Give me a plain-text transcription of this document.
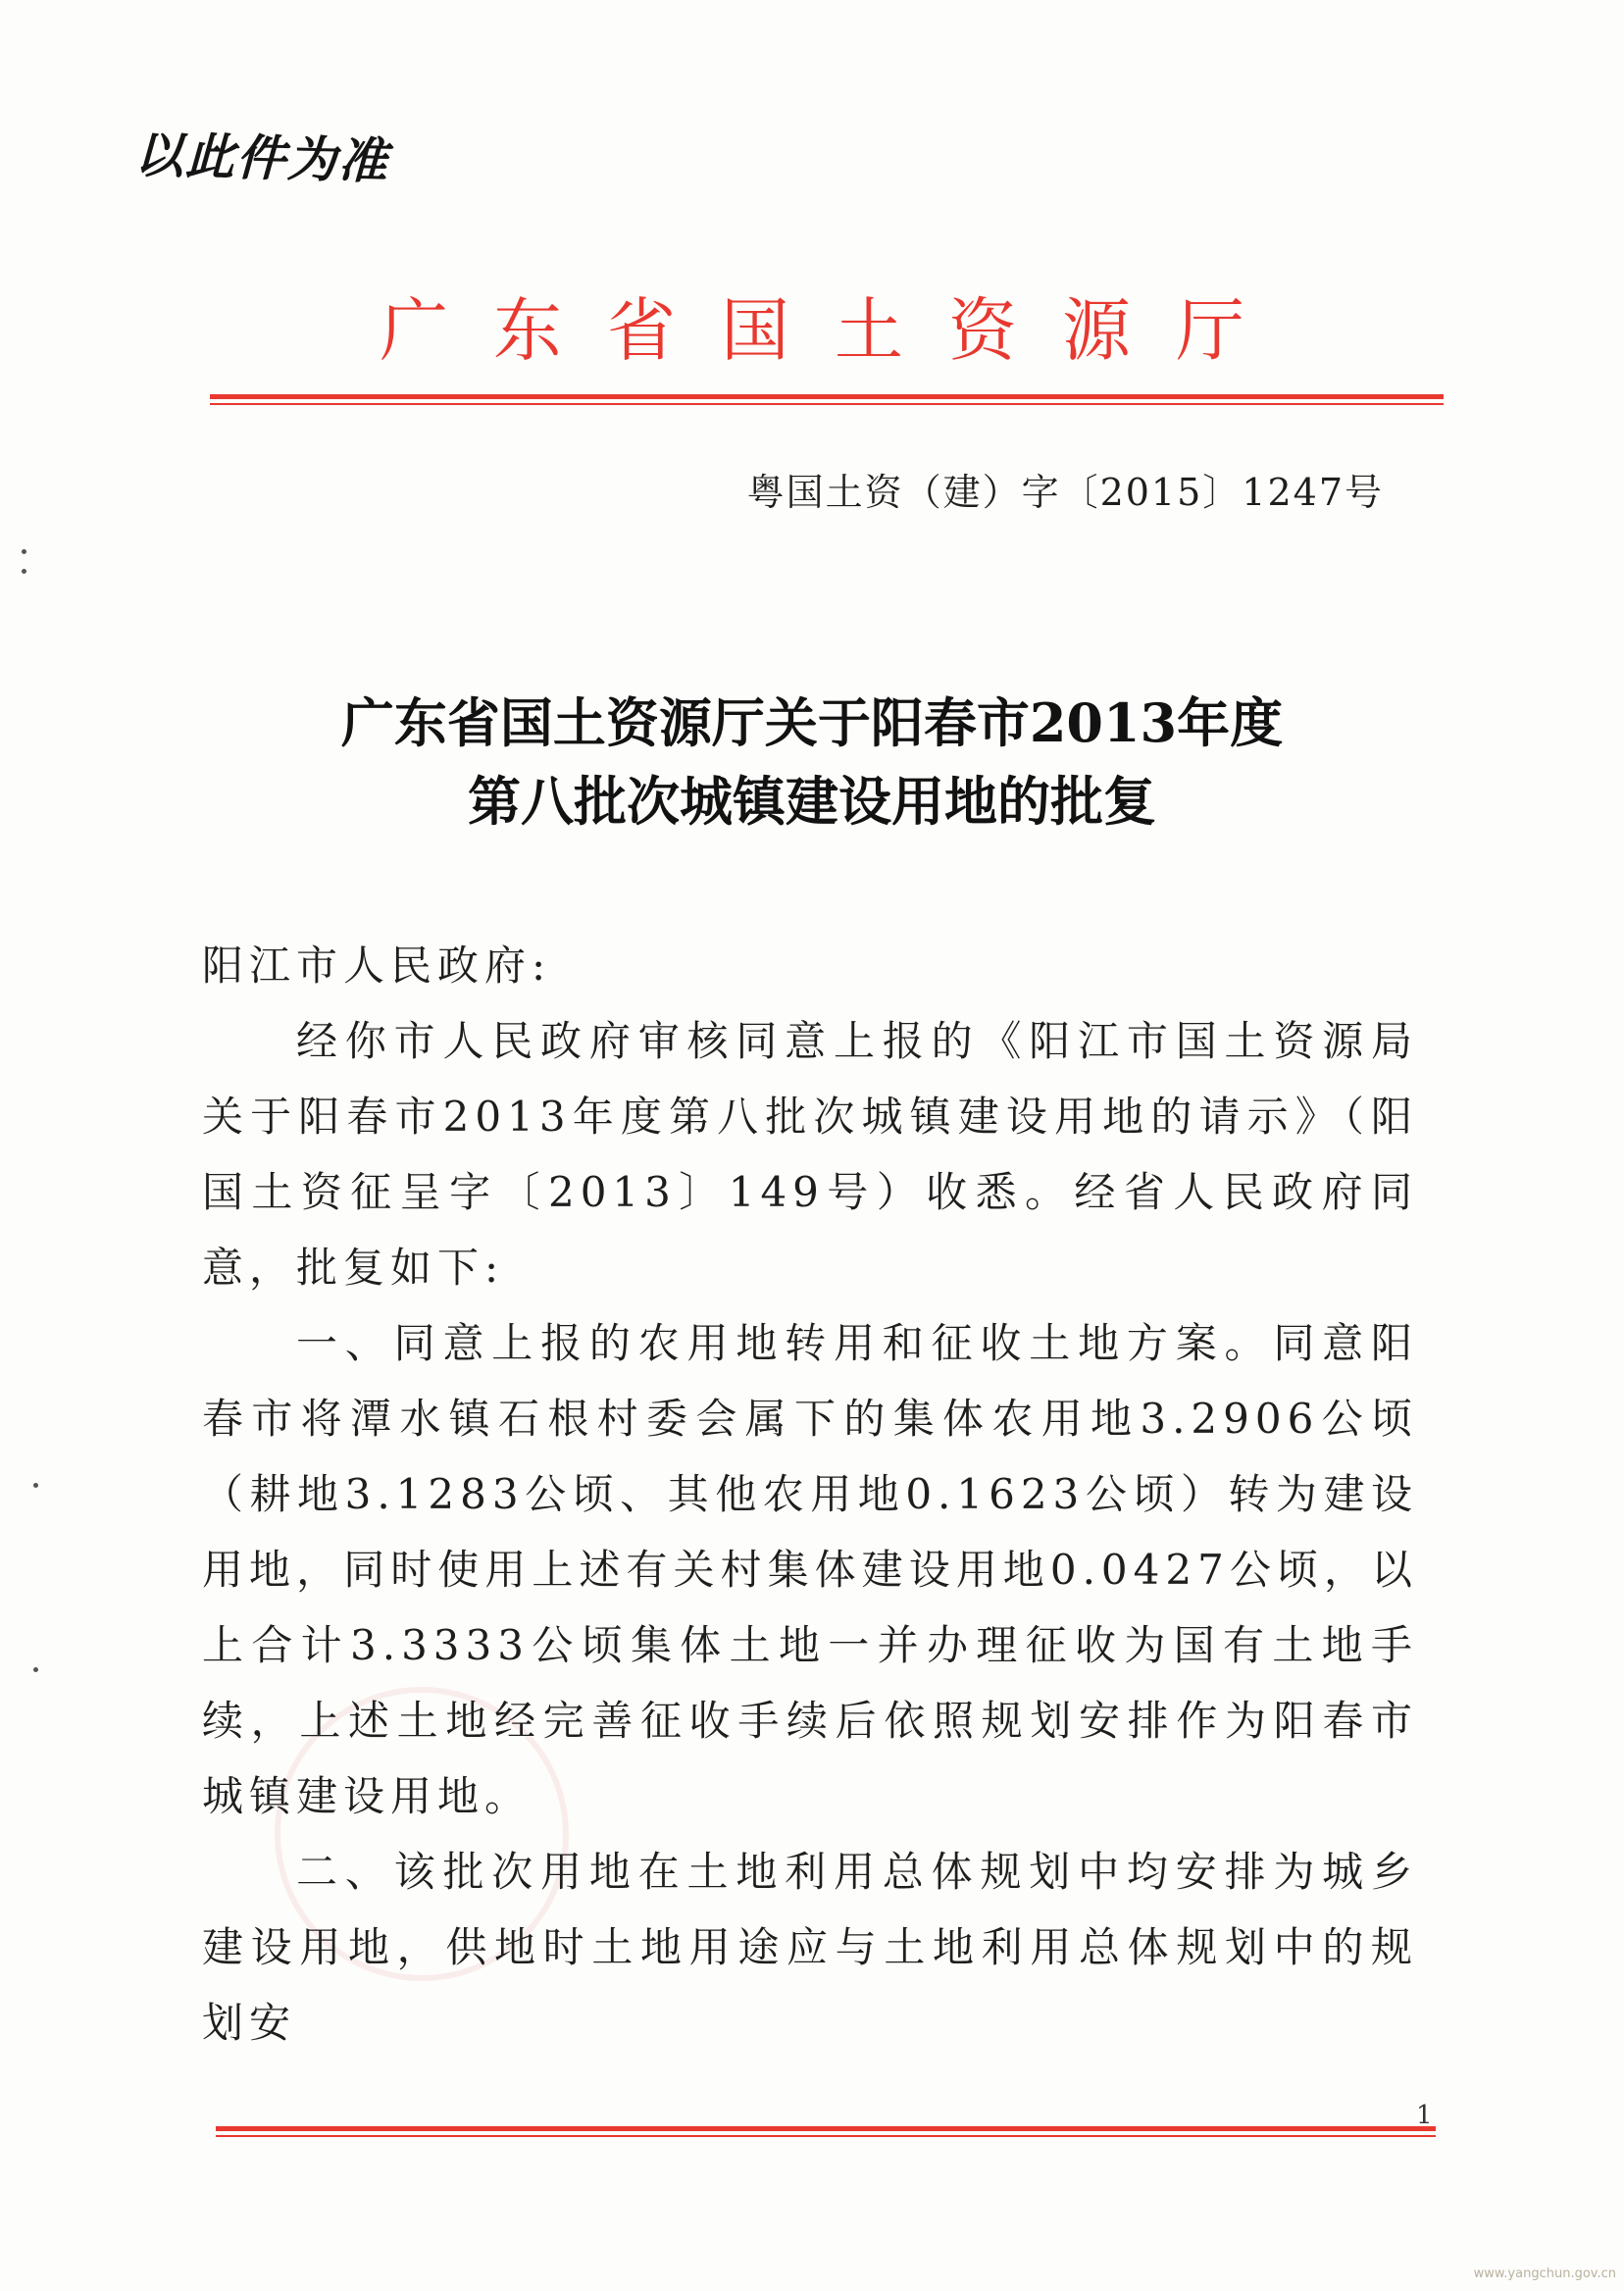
以此件为准
广东省国土资源厅
粤国土资（建）字〔2015〕1247号
广东省国土资源厅关于阳春市2013年度
第八批次城镇建设用地的批复

阳江市人民政府:

经你市人民政府审核同意上报的《阳江市国土资源局关于阳春市2013年度第八批次城镇建设用地的请示》（阳国土资征呈字〔2013〕149号）收悉。经省人民政府同意，批复如下:

一、同意上报的农用地转用和征收土地方案。同意阳春市将潭水镇石根村委会属下的集体农用地3.2906公顷（耕地3.1283公顷、其他农用地0.1623公顷）转为建设用地，同时使用上述有关村集体建设用地0.0427公顷，以上合计3.3333公顷集体土地一并办理征收为国有土地手续，上述土地经完善征收手续后依照规划安排作为阳春市城镇建设用地。

二、该批次用地在土地利用总体规划中均安排为城乡建设用地，供地时土地用途应与土地利用总体规划中的规划安

1
www.yangchun.gov.cn
